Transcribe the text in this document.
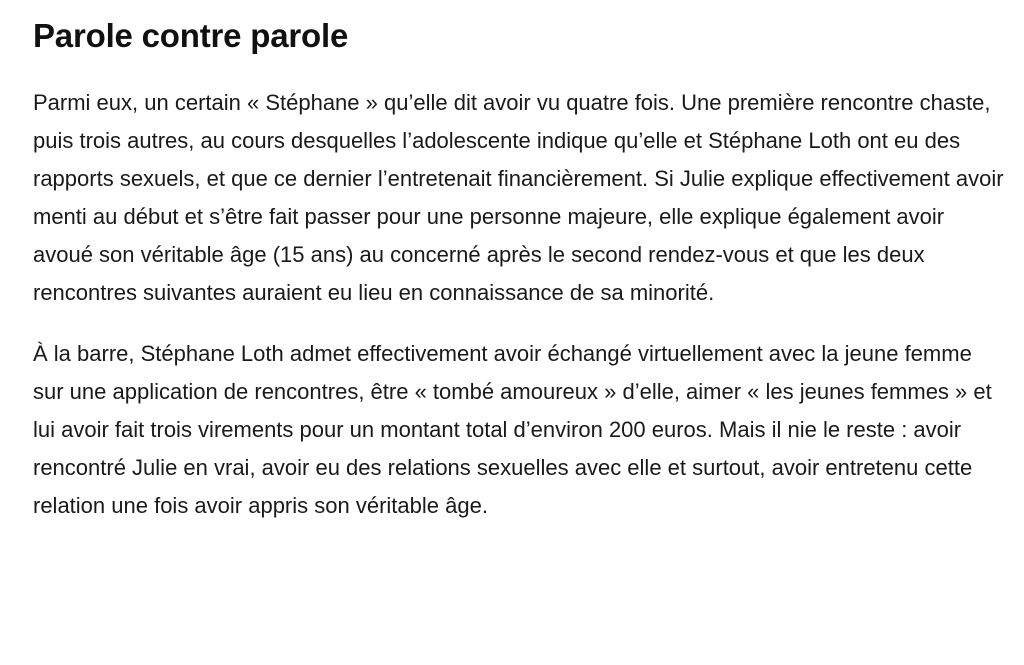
Parole contre parole

Parmi eux, un certain « Stéphane » qu’elle dit avoir vu quatre fois. Une première rencontre chaste, puis trois autres, au cours desquelles l’adolescente indique qu’elle et Stéphane Loth ont eu des rapports sexuels, et que ce dernier l’entretenait financièrement. Si Julie explique effectivement avoir menti au début et s’être fait passer pour une personne majeure, elle explique également avoir avoué son véritable âge (15 ans) au concerné après le second rendez-vous et que les deux rencontres suivantes auraient eu lieu en connaissance de sa minorité.

À la barre, Stéphane Loth admet effectivement avoir échangé virtuellement avec la jeune femme sur une application de rencontres, être « tombé amoureux » d’elle, aimer « les jeunes femmes » et lui avoir fait trois virements pour un montant total d’environ 200 euros. Mais il nie le reste : avoir rencontré Julie en vrai, avoir eu des relations sexuelles avec elle et surtout, avoir entretenu cette relation une fois avoir appris son véritable âge.
